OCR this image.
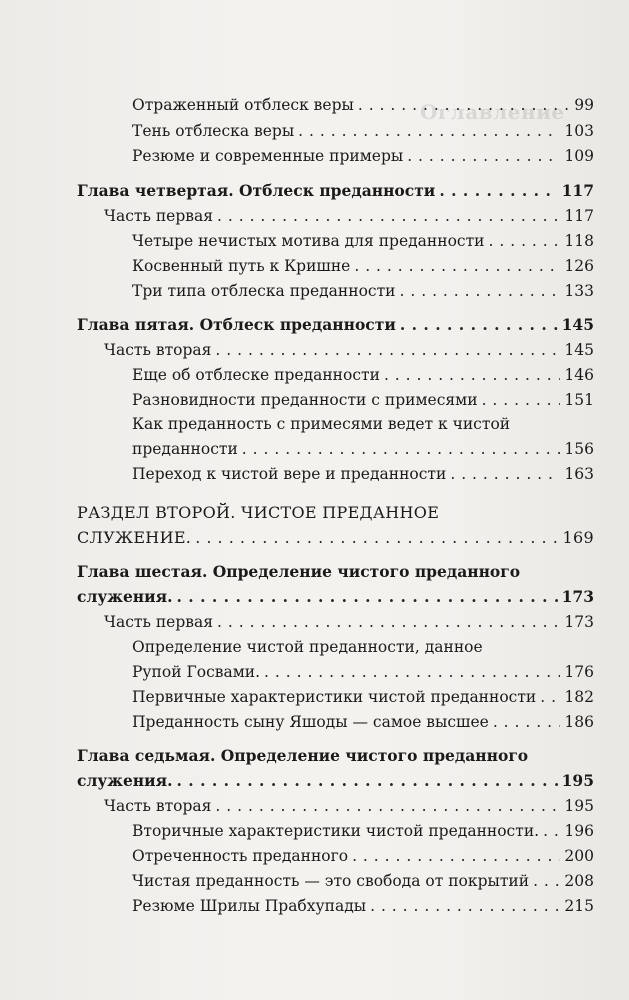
Оглавление
Отраженный отблеск веры . . .	99
Тень отблеска веры . . .	103
Резюме и современные примеры . . .	109
Глава четвертая. Отблеск преданности . . .	117
Часть первая . . .	117
Четыре нечистых мотива для преданности . . .	118
Косвенный путь к Кришне . . .	126
Три типа отблеска преданности . . .	133
Глава пятая. Отблеск преданности . . .	145
Часть вторая . . .	145
Еще об отблеске преданности . . .	146
Разновидности преданности с примесями . . .	151
Как преданность с примесями ведет к чистой
преданности . . .	156
Переход к чистой вере и преданности . . .	163
РАЗДЕЛ ВТОРОЙ. ЧИСТОЕ ПРЕДАННОЕ
СЛУЖЕНИЕ. . . .	169
Глава шестая. Определение чистого преданного
служения. . . .	173
Часть первая . . .	173
Определение чистой преданности, данное
Рупой Госвами. . . .	176
Первичные характеристики чистой преданности . . . 182
Преданность сыну Яшоды — самое высшее . . .	186
Глава седьмая. Определение чистого преданного
служения. . . .	195
Часть вторая . . .	195
Вторичные характеристики чистой преданности. . . . 196
Отреченность преданного . . .	200
Чистая преданность — это свобода от покрытий . . . 208
Резюме Шрилы Прабхупады . . .	215
